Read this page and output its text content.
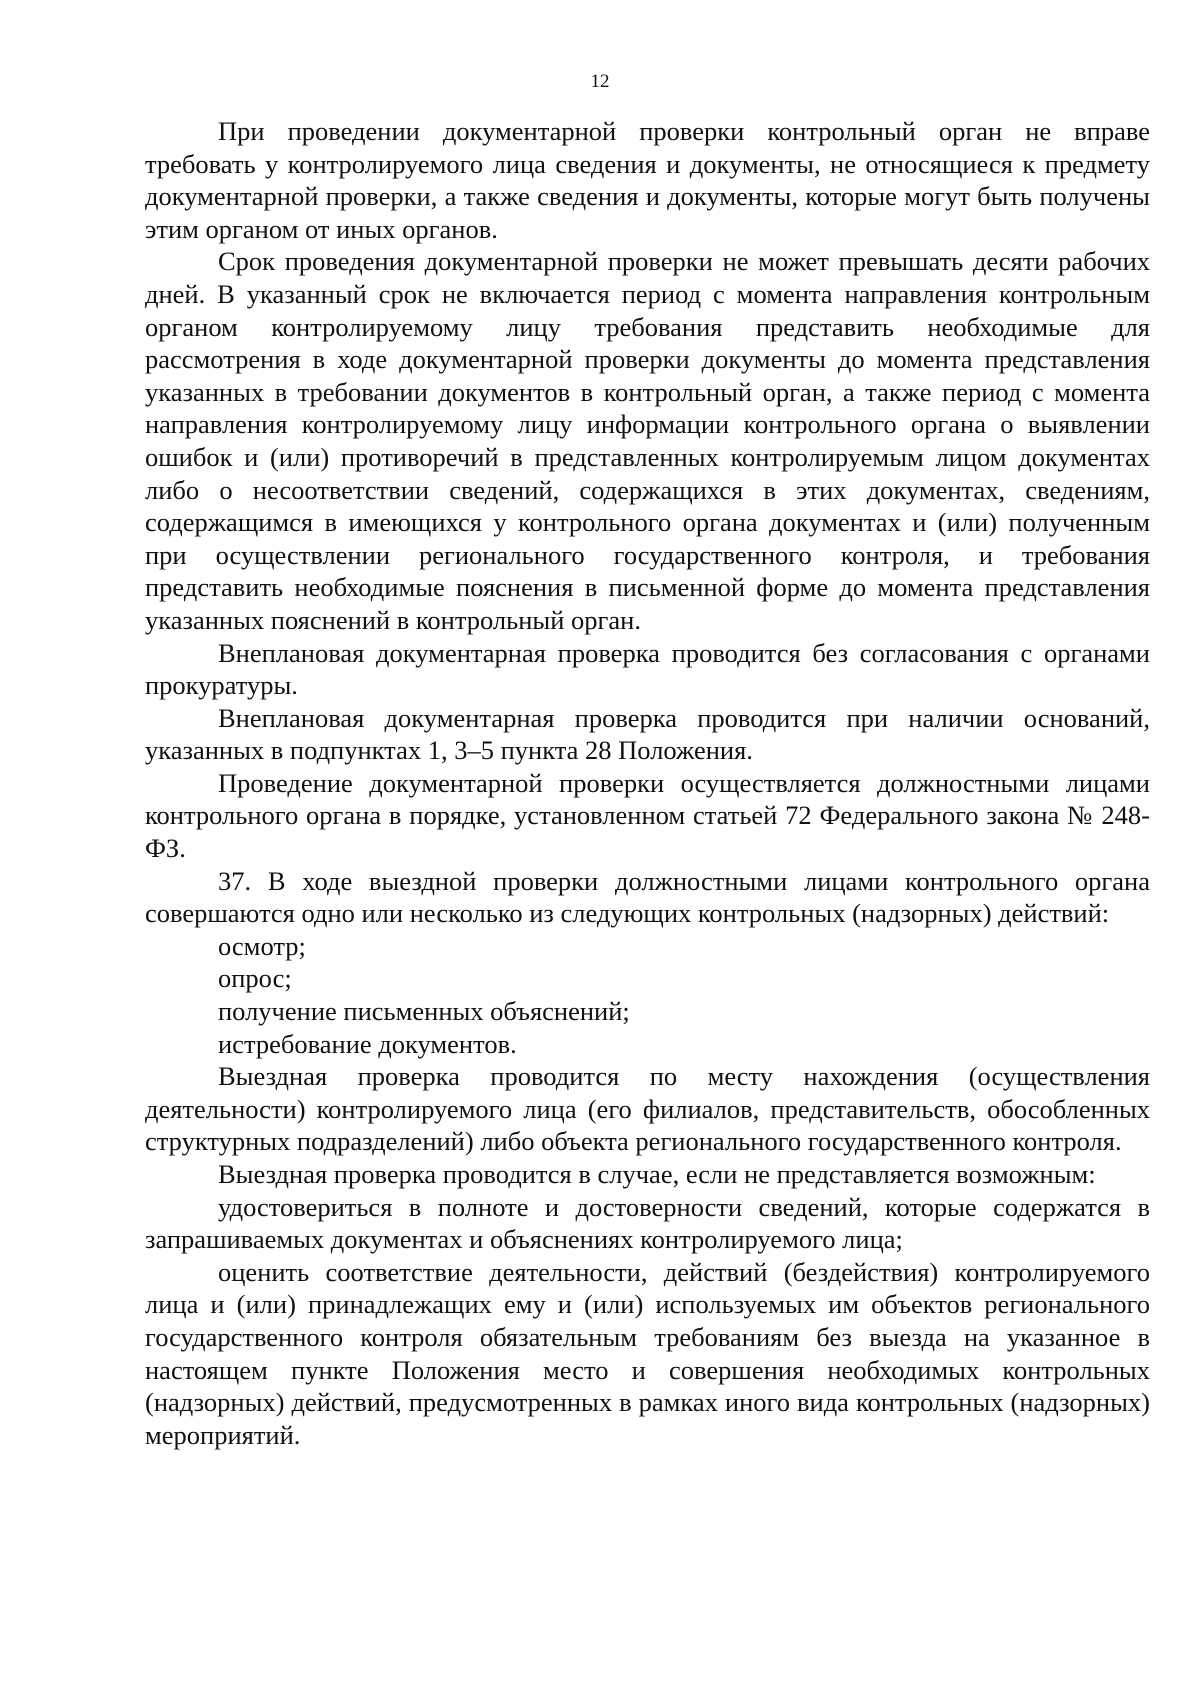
12

При проведении документарной проверки контрольный орган не вправе требовать у контролируемого лица сведения и документы, не относящиеся к предмету документарной проверки, а также сведения и документы, которые могут быть получены этим органом от иных органов.

Срок проведения документарной проверки не может превышать десяти рабочих дней. В указанный срок не включается период с момента направления контрольным органом контролируемому лицу требования представить необходимые для рассмотрения в ходе документарной проверки документы до момента представления указанных в требовании документов в контрольный орган, а также период с момента направления контролируемому лицу информации контрольного органа о выявлении ошибок и (или) противоречий в представленных контролируемым лицом документах либо о несоответствии сведений, содержащихся в этих документах, сведениям, содержащимся в имеющихся у контрольного органа документах и (или) полученным при осуществлении регионального государственного контроля, и требования представить необходимые пояснения в письменной форме до момента представления указанных пояснений в контрольный орган.

Внеплановая документарная проверка проводится без согласования с органами прокуратуры.

Внеплановая документарная проверка проводится при наличии оснований, указанных в подпунктах 1, 3–5 пункта 28 Положения.

Проведение документарной проверки осуществляется должностными лицами контрольного органа в порядке, установленном статьей 72 Федерального закона № 248-ФЗ.

37. В ходе выездной проверки должностными лицами контрольного органа совершаются одно или несколько из следующих контрольных (надзорных) действий:

осмотр;

опрос;

получение письменных объяснений;

истребование документов.

Выездная проверка проводится по месту нахождения (осуществления деятельности) контролируемого лица (его филиалов, представительств, обособленных структурных подразделений) либо объекта регионального государственного контроля.

Выездная проверка проводится в случае, если не представляется возможным:

удостовериться в полноте и достоверности сведений, которые содержатся в запрашиваемых документах и объяснениях контролируемого лица;

оценить соответствие деятельности, действий (бездействия) контролируемого лица и (или) принадлежащих ему и (или) используемых им объектов регионального государственного контроля обязательным требованиям без выезда на указанное в настоящем пункте Положения место и совершения необходимых контрольных (надзорных) действий, предусмотренных в рамках иного вида контрольных (надзорных) мероприятий.
